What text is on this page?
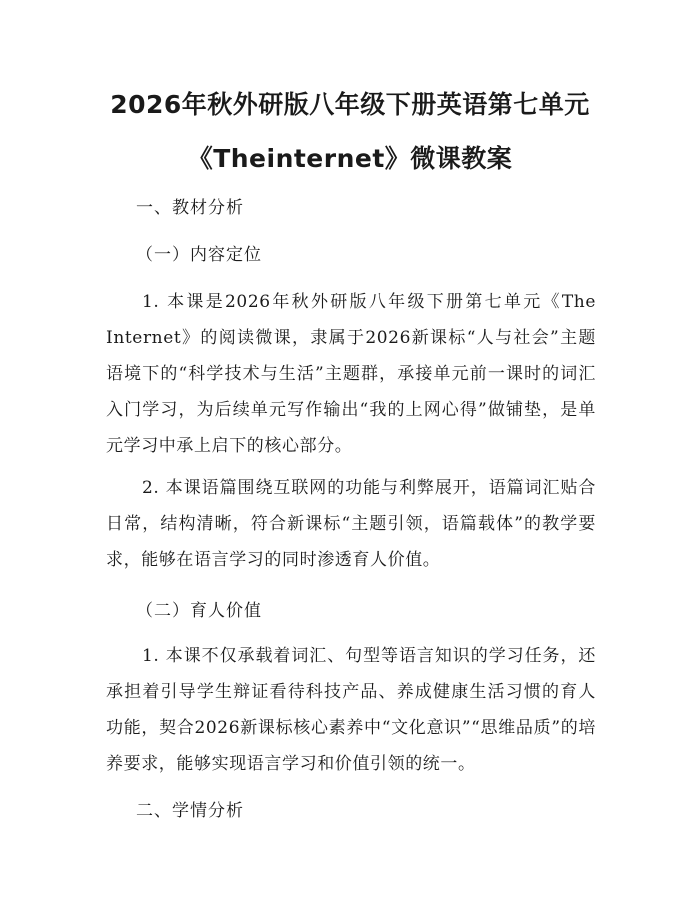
2026年秋外研版八年级下册英语第七单元
《Theinternet》微课教案
一、教材分析
（一）内容定位

1. 本课是2026年秋外研版八年级下册第七单元《The Internet》的阅读微课，隶属于2026新课标“人与社会”主题语境下的“科学技术与生活”主题群，承接单元前一课时的词汇入门学习，为后续单元写作输出“我的上网心得”做铺垫，是单元学习中承上启下的核心部分。

2. 本课语篇围绕互联网的功能与利弊展开，语篇词汇贴合日常，结构清晰，符合新课标“主题引领，语篇载体”的教学要求，能够在语言学习的同时渗透育人价值。

（二）育人价值

1. 本课不仅承载着词汇、句型等语言知识的学习任务，还承担着引导学生辩证看待科技产品、养成健康生活习惯的育人功能，契合2026新课标核心素养中“文化意识”“思维品质”的培养要求，能够实现语言学习和价值引领的统一。

二、学情分析
